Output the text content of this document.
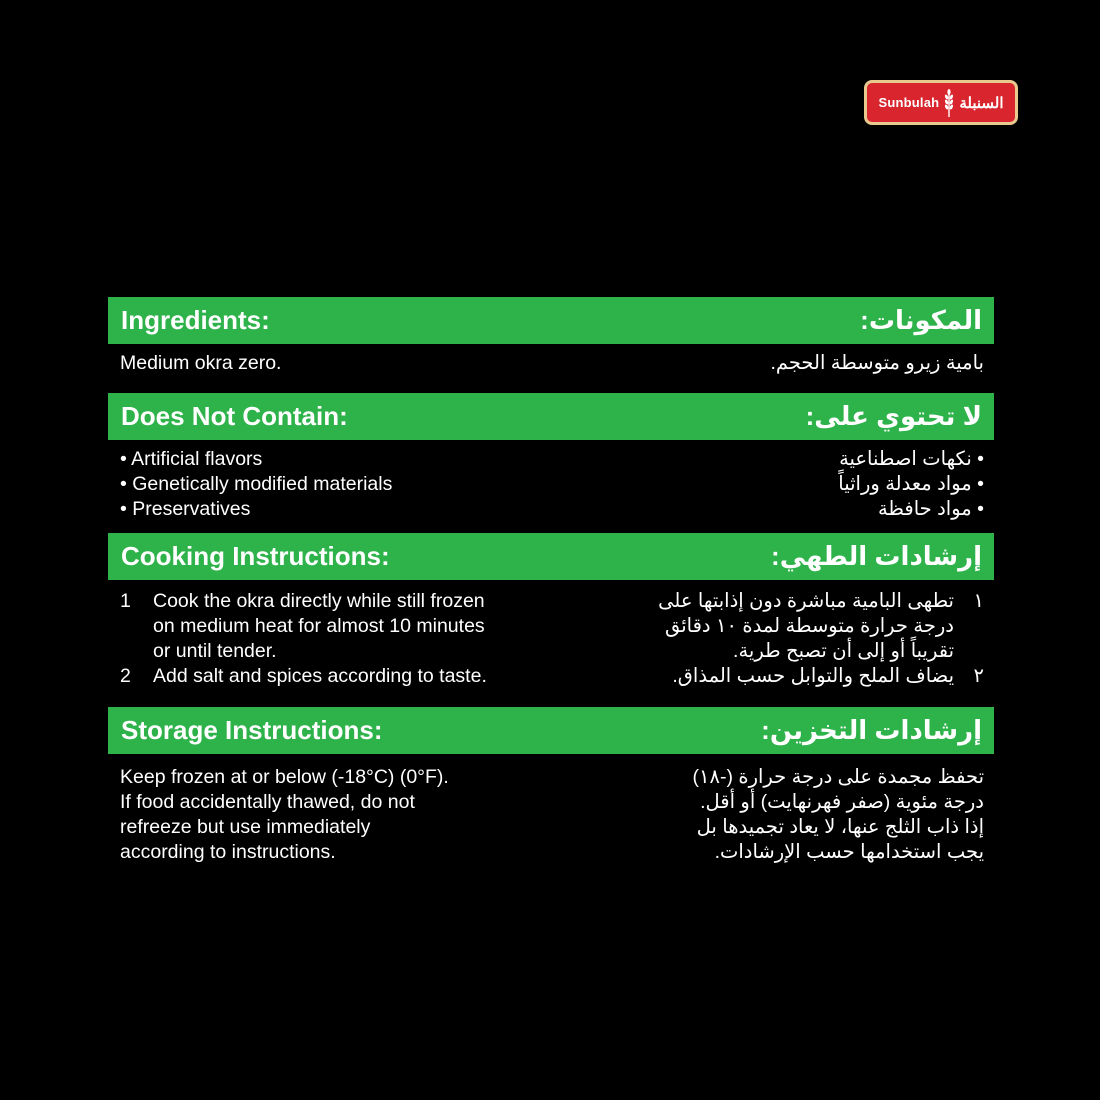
Sunbulah السنبلة
Ingredients:	المكونات:
Medium okra zero.	بامية زيرو متوسطة الحجم.
Does Not Contain:	لا تحتوي على:
• Artificial flavors
• Genetically modified materials
• Preservatives
• نكهات اصطناعية
• مواد معدلة وراثياً
• مواد حافظة
Cooking Instructions:	إرشادات الطهي:
1 Cook the okra directly while still frozen
on medium heat for almost 10 minutes
or until tender.
2 Add salt and spices according to taste.
١تطهى البامية مباشرة دون إذابتها على
درجة حرارة متوسطة لمدة ١٠ دقائق
تقريباً أو إلى أن تصبح طرية.
٢يضاف الملح والتوابل حسب المذاق.
Storage Instructions:	إرشادات التخزين:
Keep frozen at or below (-18°C) (0°F).
If food accidentally thawed, do not
refreeze but use immediately
according to instructions.
تحفظ مجمدة على درجة حرارة (-١٨)
درجة مئوية (صفر فهرنهايت) أو أقل.
إذا ذاب الثلج عنها، لا يعاد تجميدها بل
يجب استخدامها حسب الإرشادات.
